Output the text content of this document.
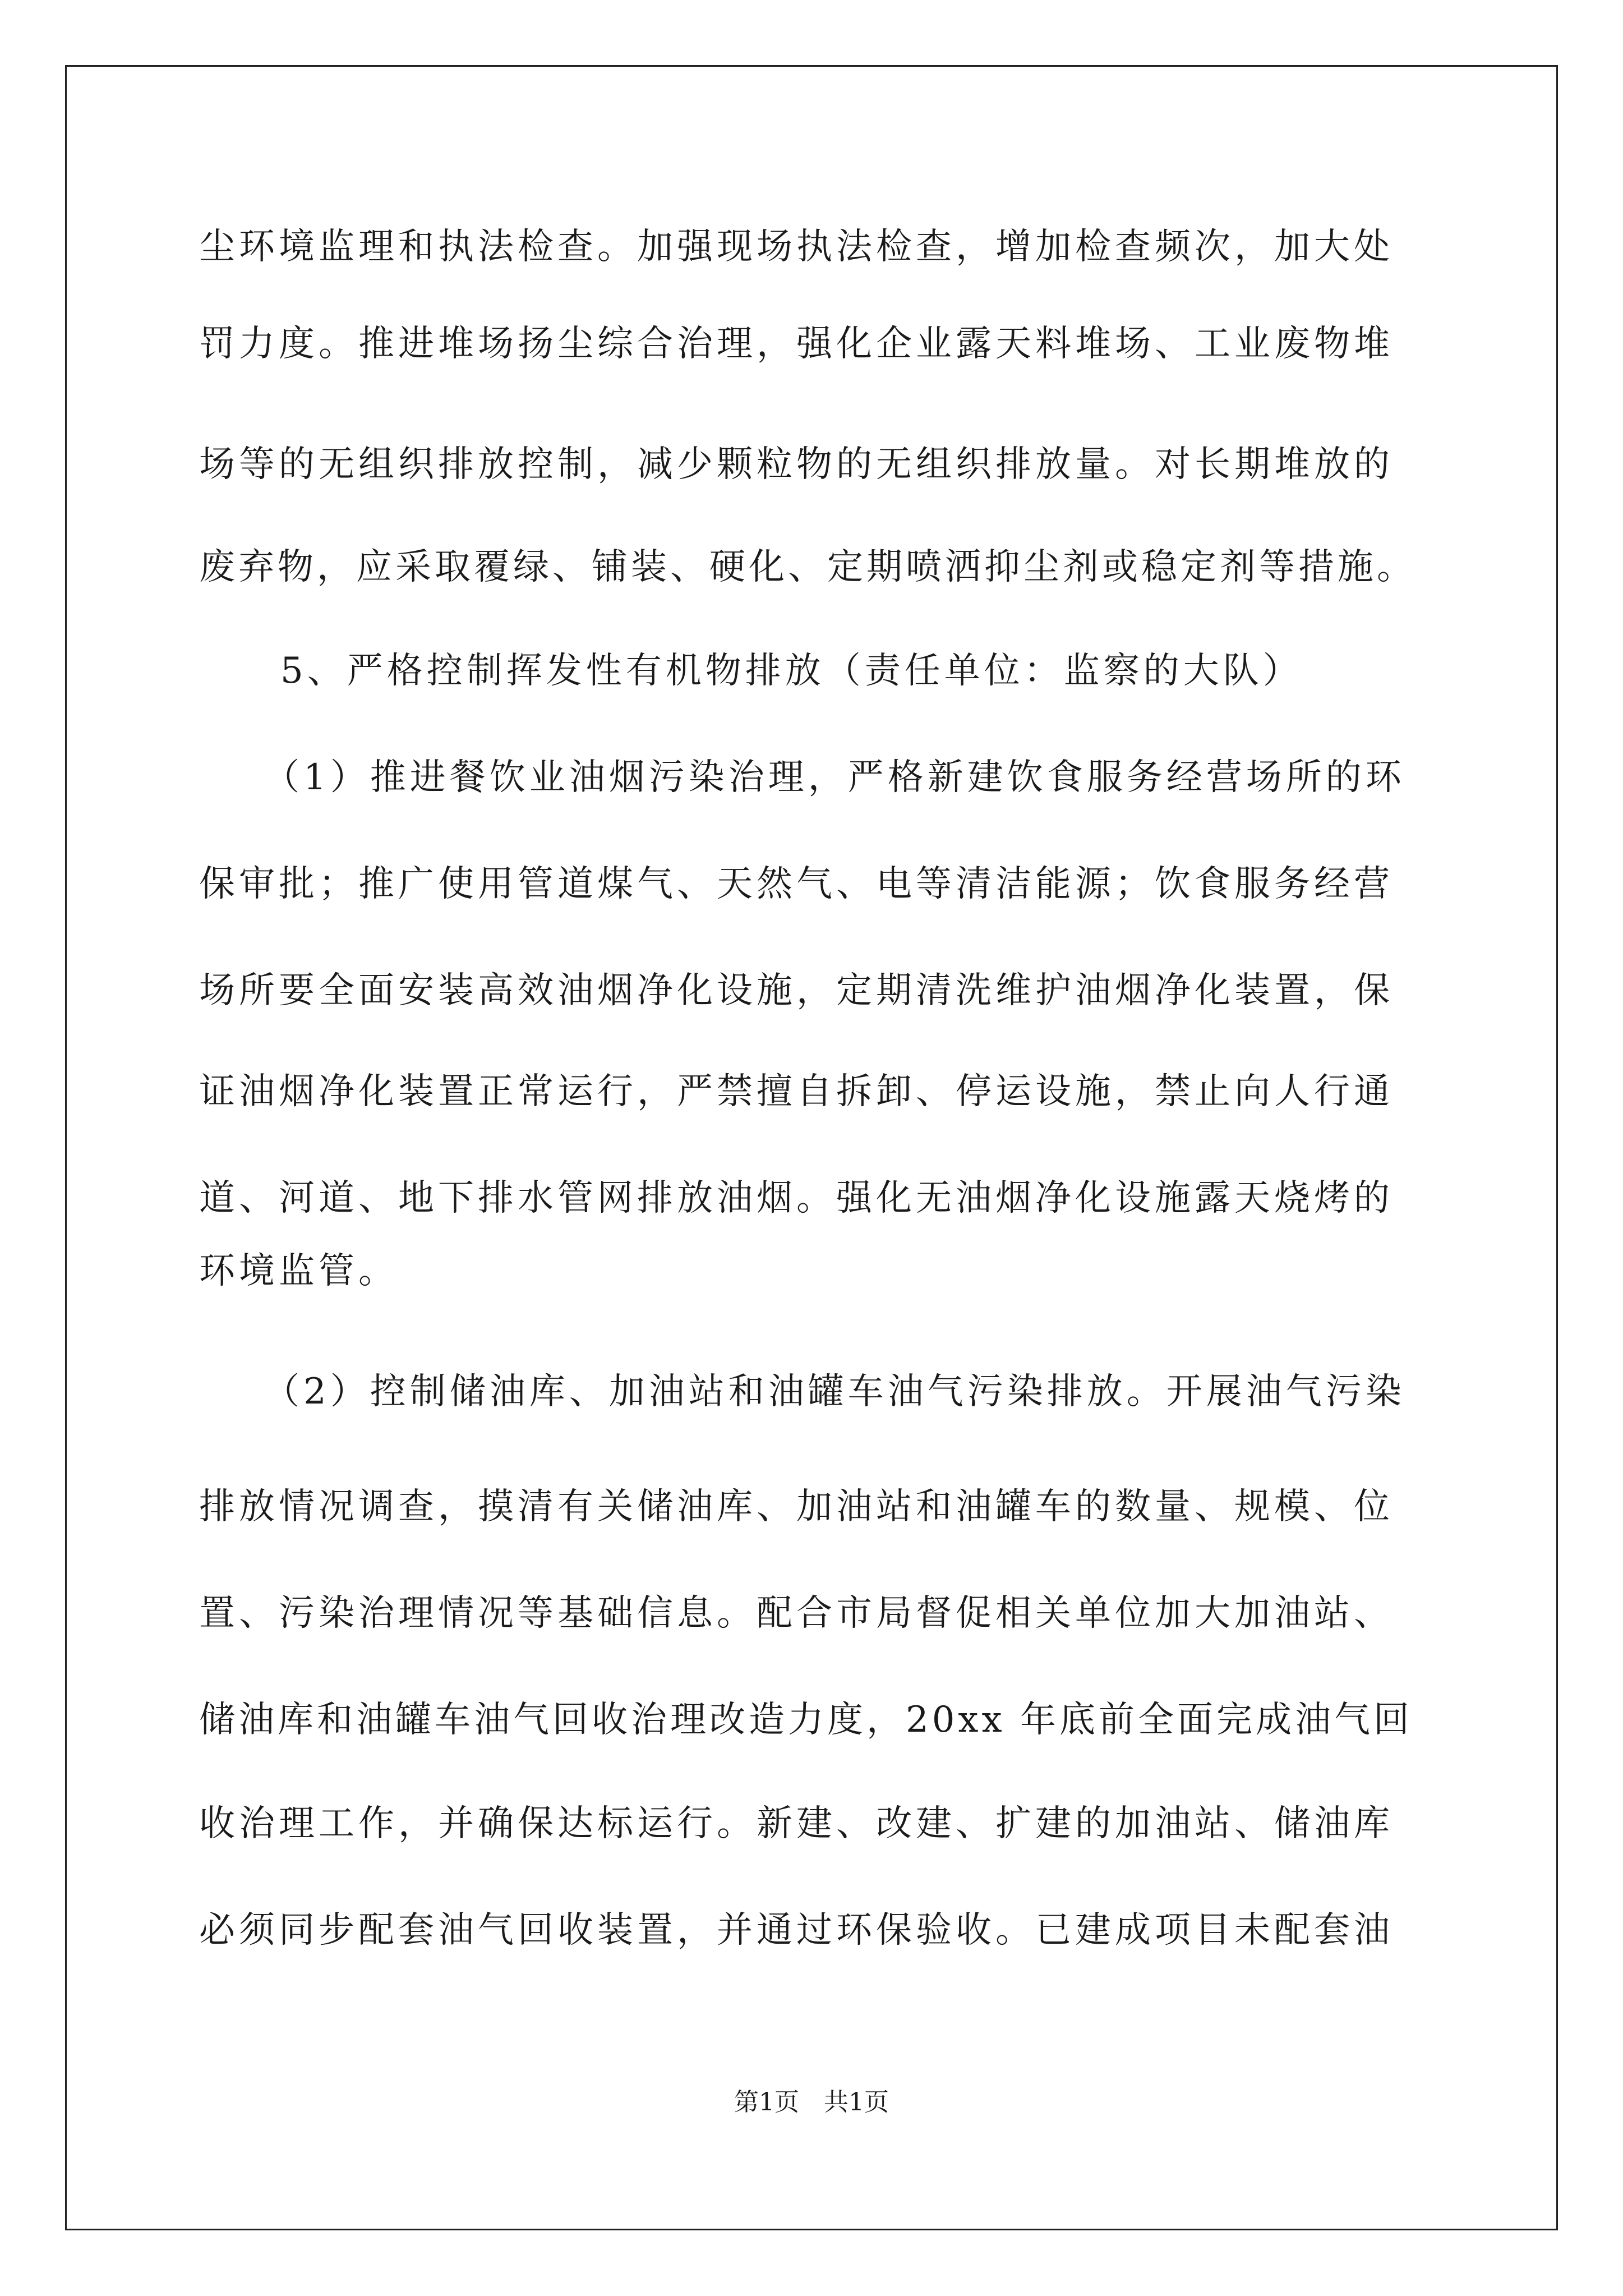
尘环境监理和执法检查。加强现场执法检查，增加检查频次，加大处
罚力度。推进堆场扬尘综合治理，强化企业露天料堆场、工业废物堆
场等的无组织排放控制，减少颗粒物的无组织排放量。对长期堆放的
废弃物，应采取覆绿、铺装、硬化、定期喷洒抑尘剂或稳定剂等措施。
5、严格控制挥发性有机物排放（责任单位：监察的大队）
（1）推进餐饮业油烟污染治理，严格新建饮食服务经营场所的环
保审批；推广使用管道煤气、天然气、电等清洁能源；饮食服务经营
场所要全面安装高效油烟净化设施，定期清洗维护油烟净化装置，保
证油烟净化装置正常运行，严禁擅自拆卸、停运设施，禁止向人行通
道、河道、地下排水管网排放油烟。强化无油烟净化设施露天烧烤的
环境监管。
（2）控制储油库、加油站和油罐车油气污染排放。开展油气污染
排放情况调查，摸清有关储油库、加油站和油罐车的数量、规模、位
置、污染治理情况等基础信息。配合市局督促相关单位加大加油站、
储油库和油罐车油气回收治理改造力度，20xx 年底前全面完成油气回
收治理工作，并确保达标运行。新建、改建、扩建的加油站、储油库
必须同步配套油气回收装置，并通过环保验收。已建成项目未配套油
第1页　共1页
